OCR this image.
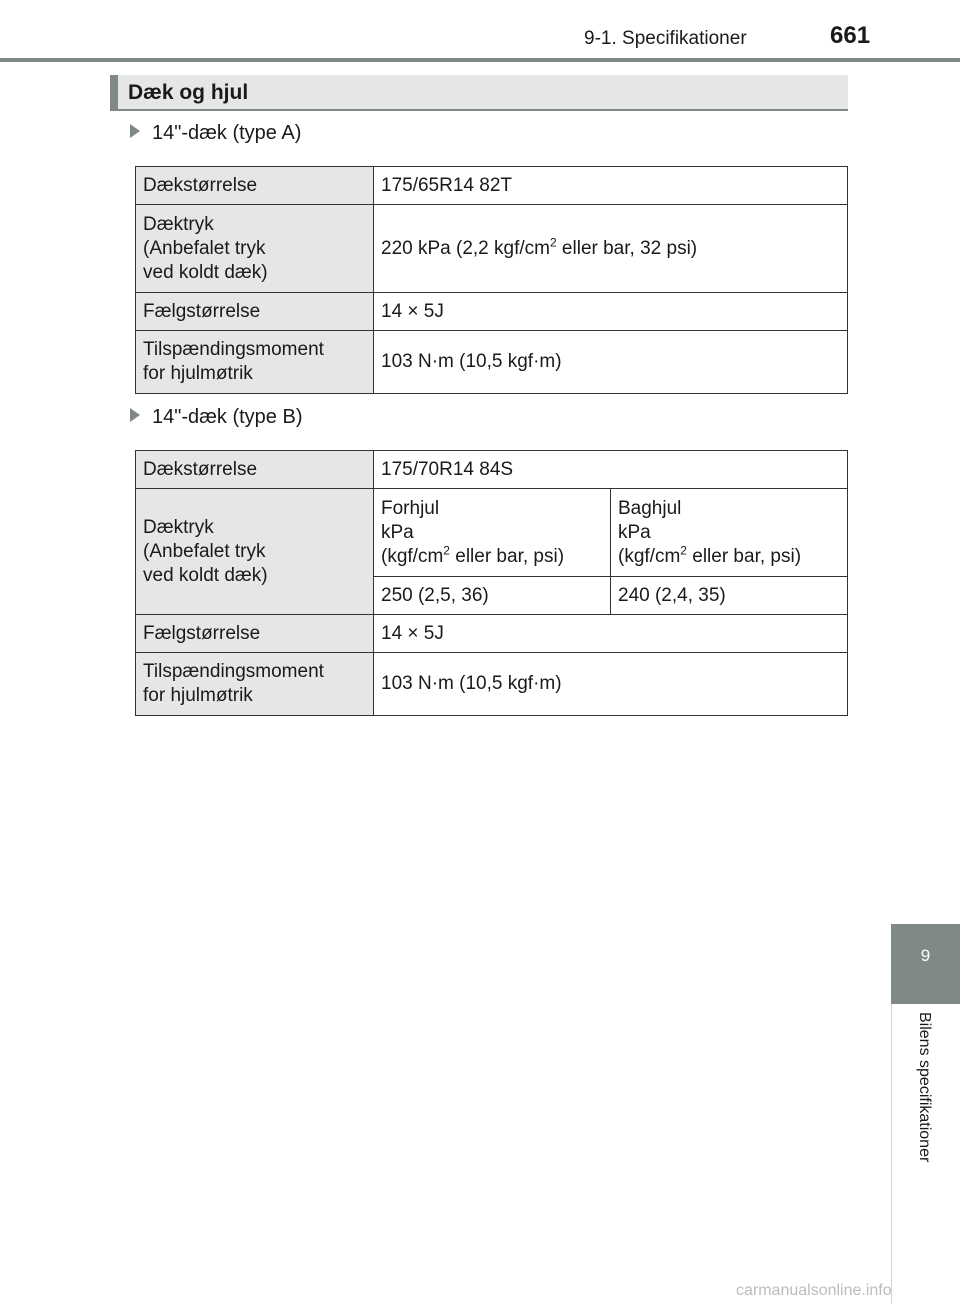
9-1. Specifikationer	661
9
Bilens specifikationer
Dæk og hjul
14"-dæk (type A)
Dækstørrelse	175/65R14 82T
Dæktryk
(Anbefalet tryk
ved koldt dæk)	220 kPa (2,2 kgf/$cm^2$ eller bar, 32 psi)
Fælgstørrelse	14 × 5J
Tilspændingsmoment
for hjulmøtrik	103 N·m (10,5 kgf·m)
14"-dæk (type B)
Dækstørrelse	175/70R14 84S	
Dæktryk
(Anbefalet tryk
ved koldt dæk)	Forhjul
kPa
($kgf/cm^2$ eller bar, psi)	Baghjul
kPa
($kgf/cm^2$ eller bar, psi)
	250 (2,5, 36)	240 (2,4, 35)
Fælgstørrelse	14 × 5J	
Tilspændingsmoment
for hjulmøtrik	103 N·m (10,5 kgf·m)	
carmanualsonline.info
